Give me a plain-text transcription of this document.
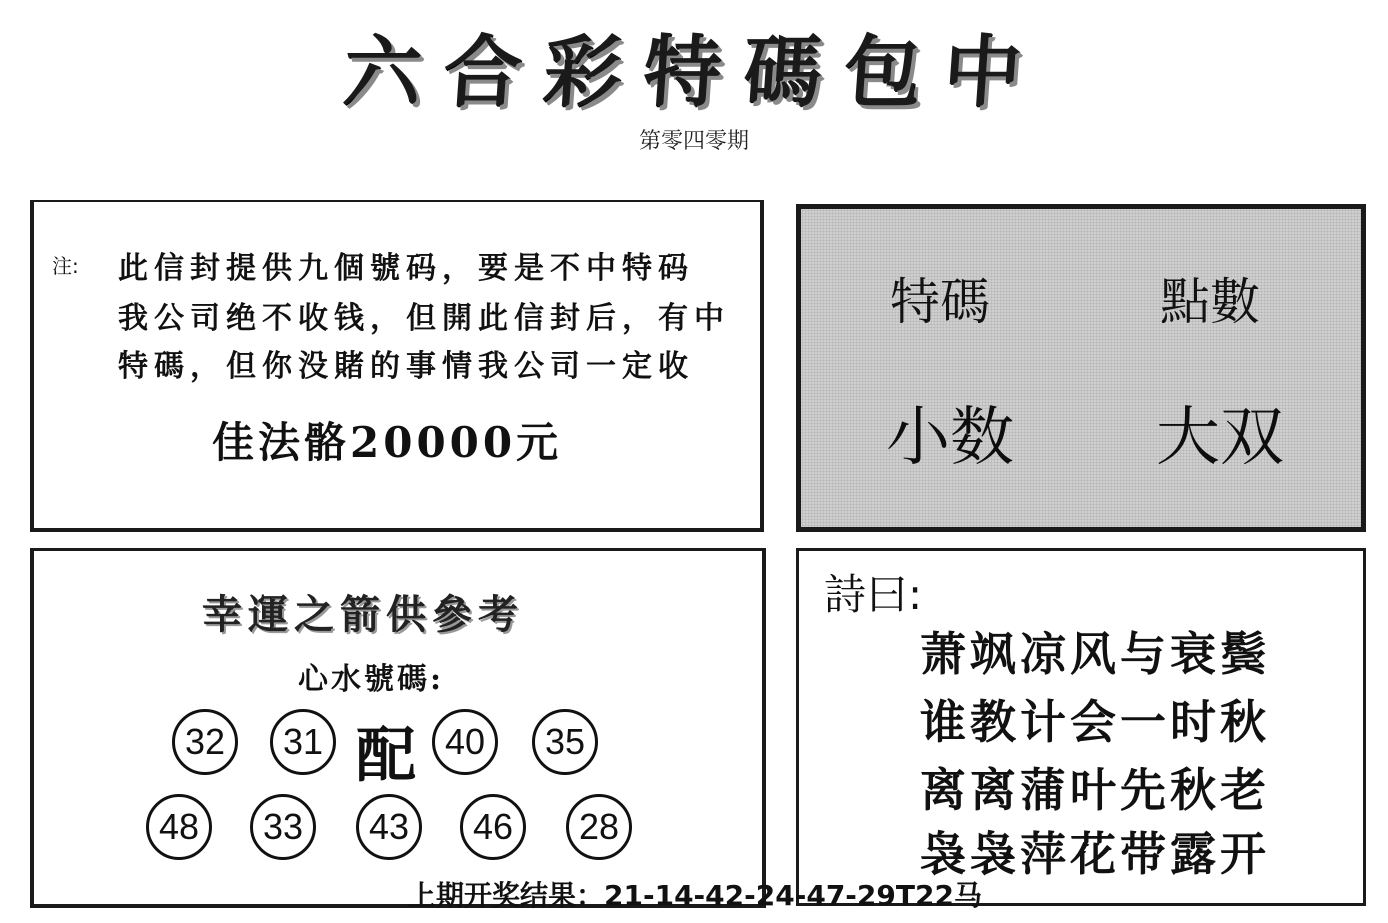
六合彩特碼包中
第零四零期
注: 此信封提供九個號码，要是不中特码
我公司绝不收钱，但開此信封后，有中
特碼，但你没賭的事情我公司一定收
佳法骼20000元
特碼	點數
小数 大双
幸運之箭供參考
心水號碼:
32	31 配 40	35
48	33	43	46	28
詩曰:
萧飒凉风与衰鬓
谁教计会一时秋
离离蒲叶先秋老
袅袅萍花带露开
上期开奖结果：21-14-42-24-47-29T22马
